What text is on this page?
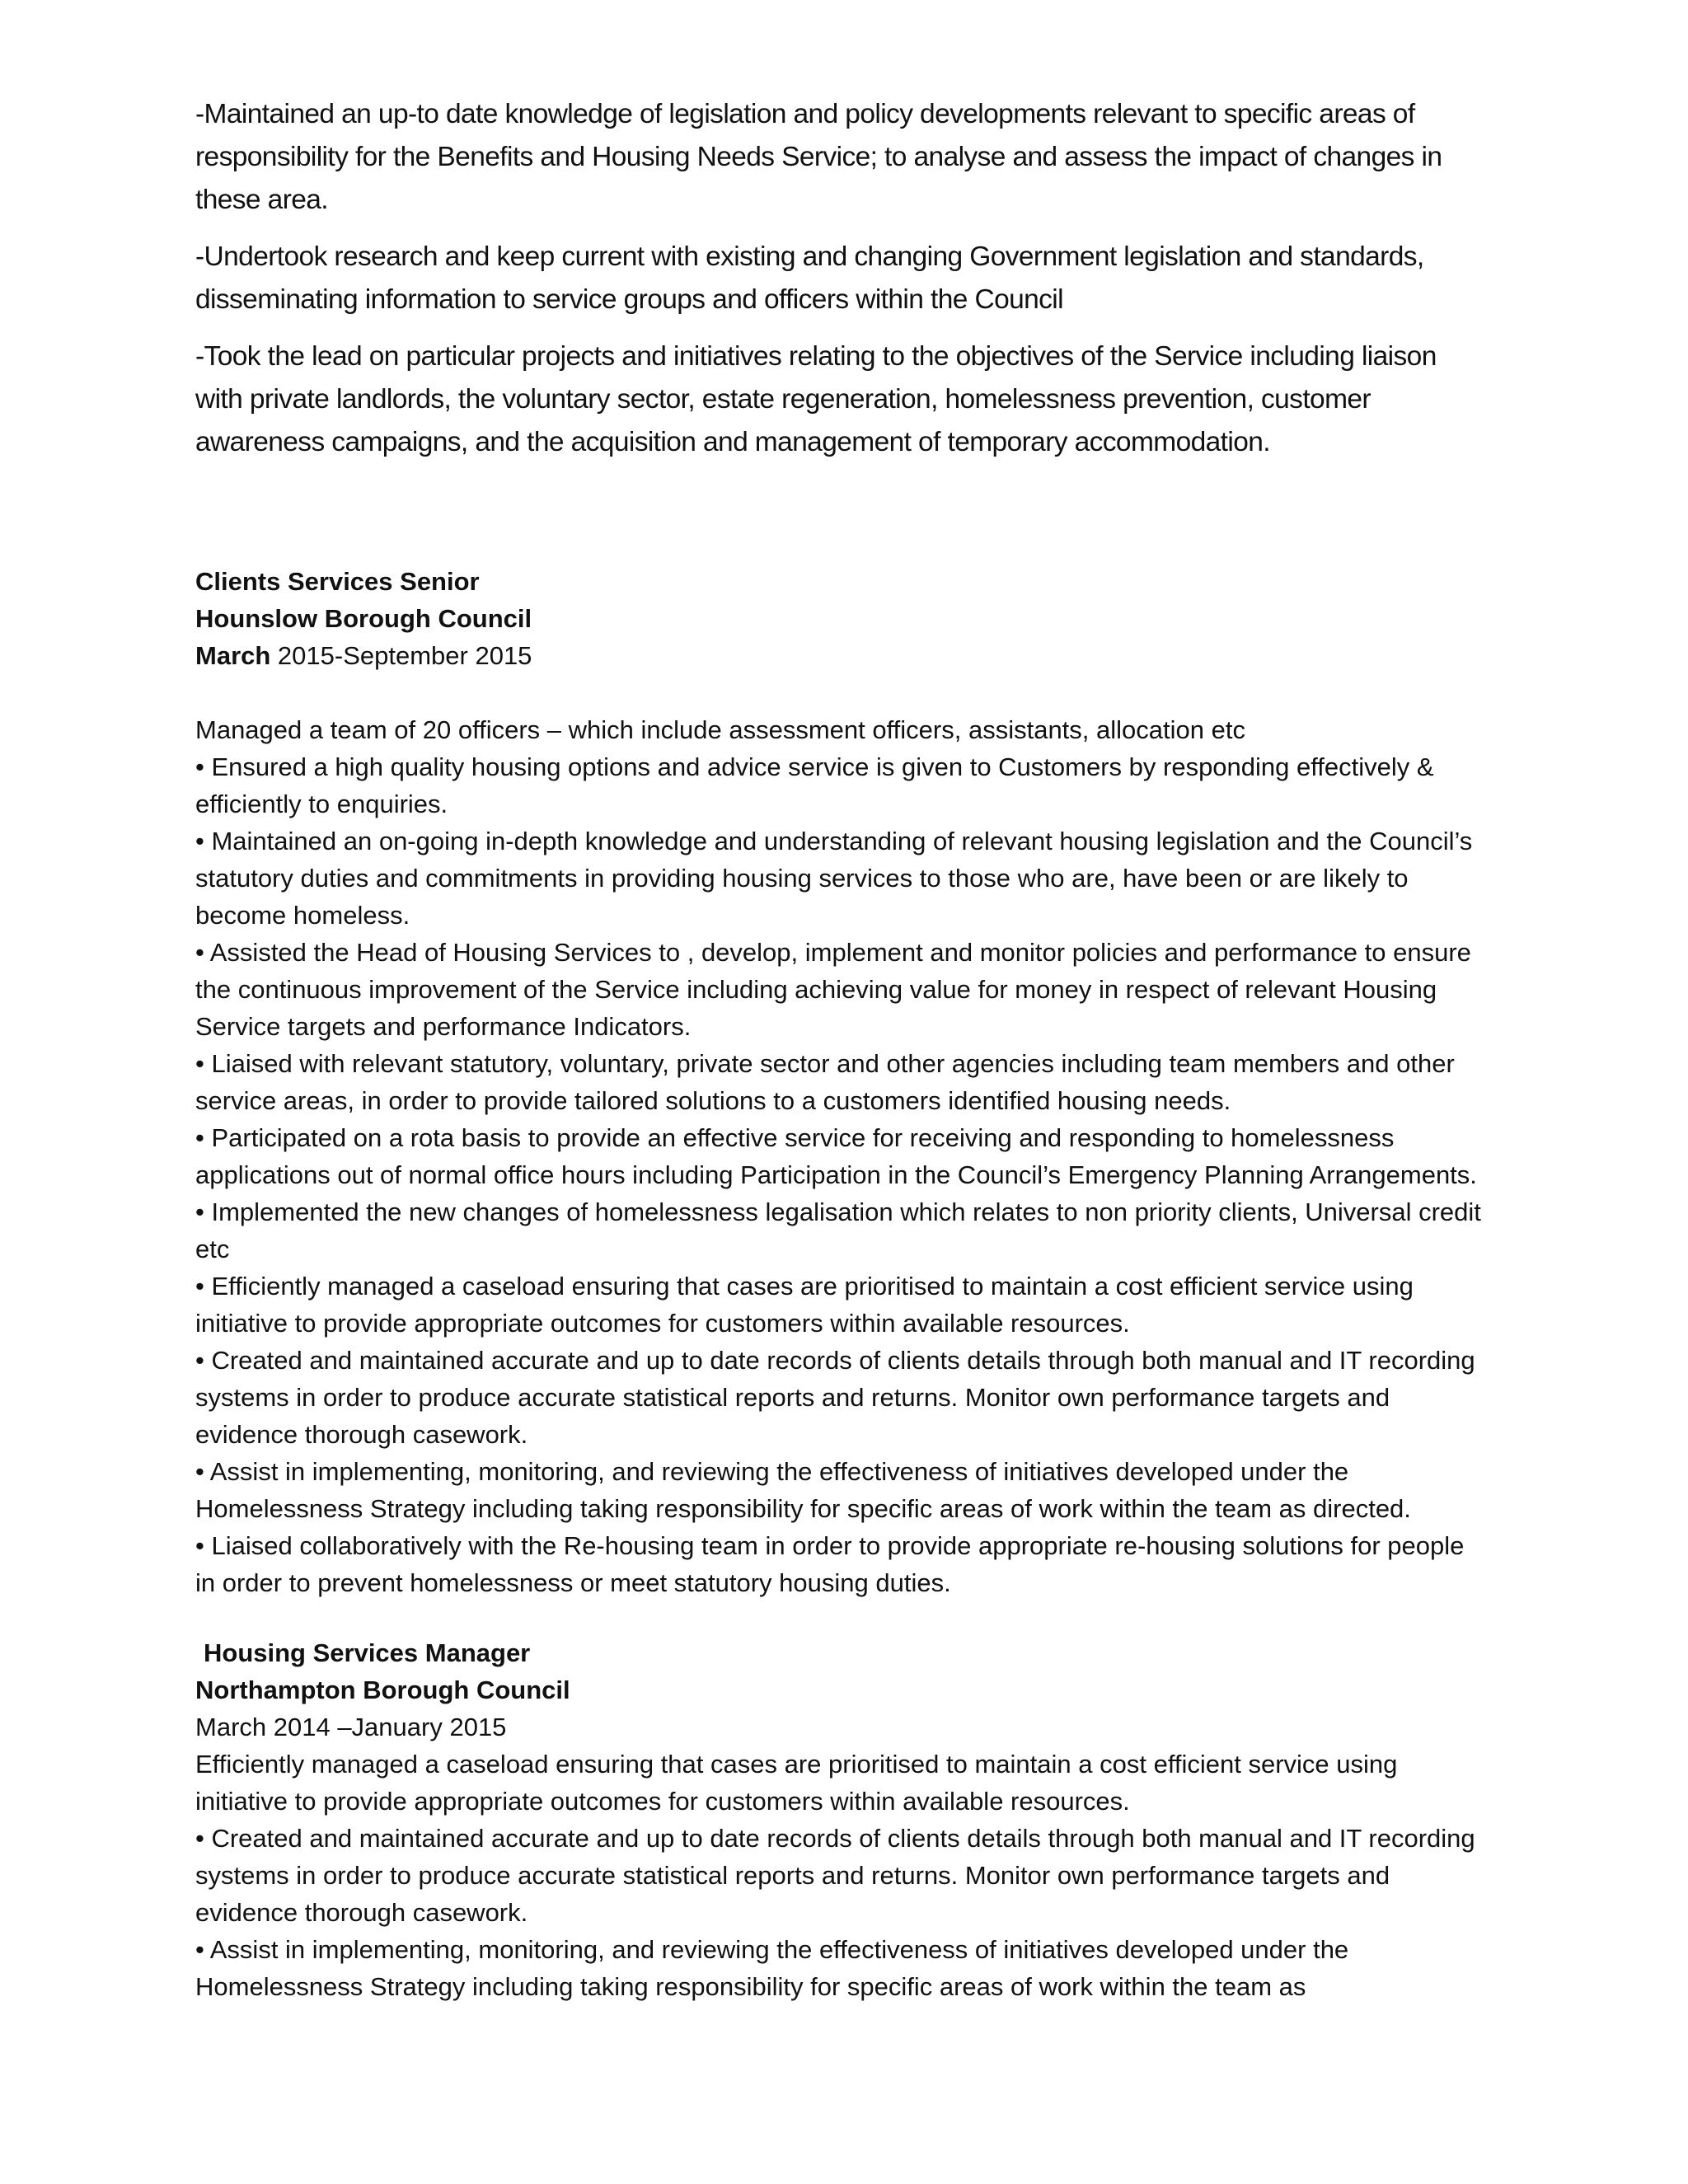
-Maintained an up-to date knowledge of legislation and policy developments relevant to specific areas of responsibility for the Benefits and Housing Needs Service; to analyse and assess the impact of changes in these area.

-Undertook research and keep current with existing and changing Government legislation and standards, disseminating information to service groups and officers within the Council

-Took the lead on particular projects and initiatives relating to the objectives of the Service including liaison with private landlords, the voluntary sector, estate regeneration, homelessness prevention, customer awareness campaigns, and the acquisition and management of temporary accommodation.

Clients Services Senior

Hounslow Borough Council

March 2015-September 2015

Managed a team of 20 officers – which include assessment officers, assistants, allocation etc

• Ensured a high quality housing options and advice service is given to Customers by responding effectively & efficiently to enquiries.

• Maintained an on-going in-depth knowledge and understanding of relevant housing legislation and the Council’s statutory duties and commitments in providing housing services to those who are, have been or are likely to become homeless.

• Assisted the Head of Housing Services to , develop, implement and monitor policies and performance to ensure the continuous improvement of the Service including achieving value for money in respect of relevant Housing Service targets and performance Indicators.

• Liaised with relevant statutory, voluntary, private sector and other agencies including team members and other service areas, in order to provide tailored solutions to a customers identified housing needs.

• Participated on a rota basis to provide an effective service for receiving and responding to homelessness applications out of normal office hours including Participation in the Council’s Emergency Planning Arrangements.

• Implemented the new changes of homelessness legalisation which relates to non priority clients, Universal credit etc

• Efficiently managed a caseload ensuring that cases are prioritised to maintain a cost efficient service using initiative to provide appropriate outcomes for customers within available resources.

• Created and maintained accurate and up to date records of clients details through both manual and IT recording systems in order to produce accurate statistical reports and returns. Monitor own performance targets and evidence thorough casework.

• Assist in implementing, monitoring, and reviewing the effectiveness of initiatives developed under the Homelessness Strategy including taking responsibility for specific areas of work within the team as directed.

• Liaised collaboratively with the Re-housing team in order to provide appropriate re-housing solutions for people in order to prevent homelessness or meet statutory housing duties.

Housing Services Manager

Northampton Borough Council

March 2014 –January 2015

Efficiently managed a caseload ensuring that cases are prioritised to maintain a cost efficient service using initiative to provide appropriate outcomes for customers within available resources.

• Created and maintained accurate and up to date records of clients details through both manual and IT recording systems in order to produce accurate statistical reports and returns. Monitor own performance targets and evidence thorough casework.

• Assist in implementing, monitoring, and reviewing the effectiveness of initiatives developed under the Homelessness Strategy including taking responsibility for specific areas of work within the team as
